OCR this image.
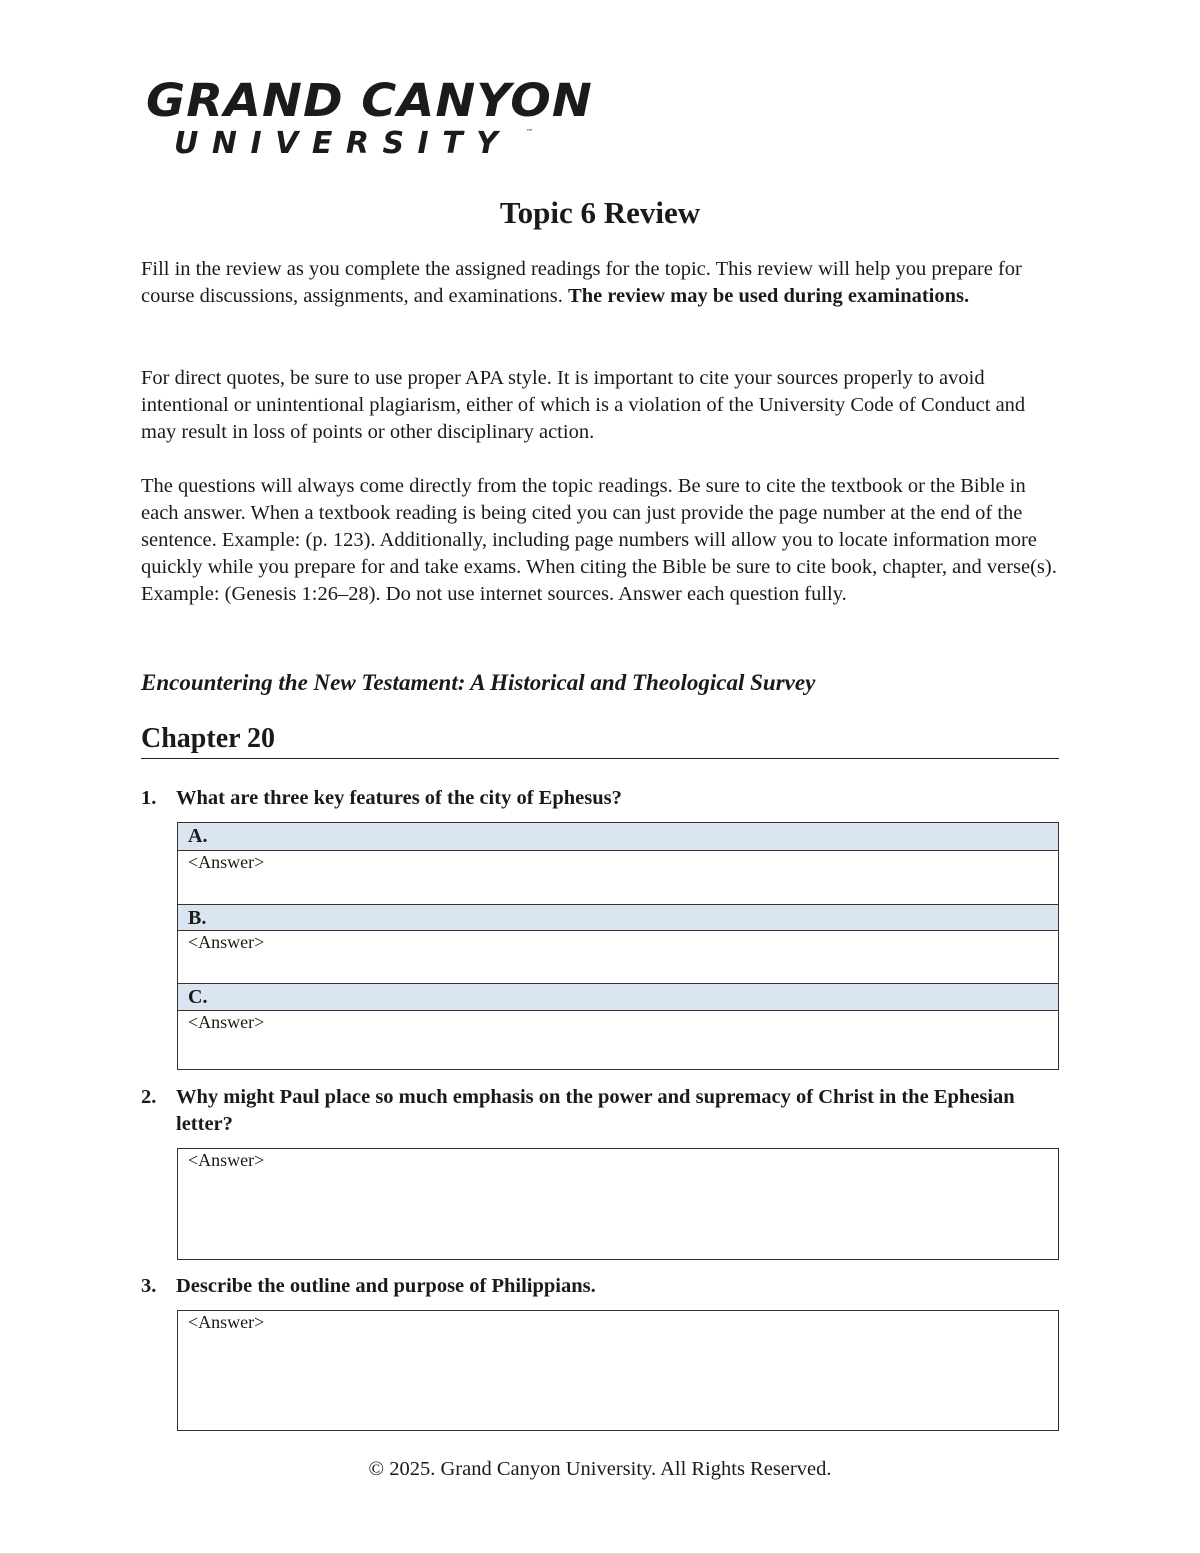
GRAND CANYON
UNIVERSITY ™
Topic 6 Review

Fill in the review as you complete the assigned readings for the topic. This review will help you prepare for course discussions, assignments, and examinations. The review may be used during examinations.

For direct quotes, be sure to use proper APA style. It is important to cite your sources properly to avoid intentional or unintentional plagiarism, either of which is a violation of the University Code of Conduct and may result in loss of points or other disciplinary action.

The questions will always come directly from the topic readings. Be sure to cite the textbook or the Bible in each answer. When a textbook reading is being cited you can just provide the page number at the end of the sentence. Example: (p. 123). Additionally, including page numbers will allow you to locate information more quickly while you prepare for and take exams. When citing the Bible be sure to cite book, chapter, and verse(s). Example: (Genesis 1:26–28). Do not use internet sources. Answer each question fully.

Encountering the New Testament: A Historical and Theological Survey
Chapter 20
1. What are three key features of the city of Ephesus?
A.
<Answer>
B.
<Answer>
C.
<Answer>
2. Why might Paul place so much emphasis on the power and supremacy of Christ in the Ephesian letter?
<Answer>
3. Describe the outline and purpose of Philippians.
<Answer>
© 2025. Grand Canyon University. All Rights Reserved.
